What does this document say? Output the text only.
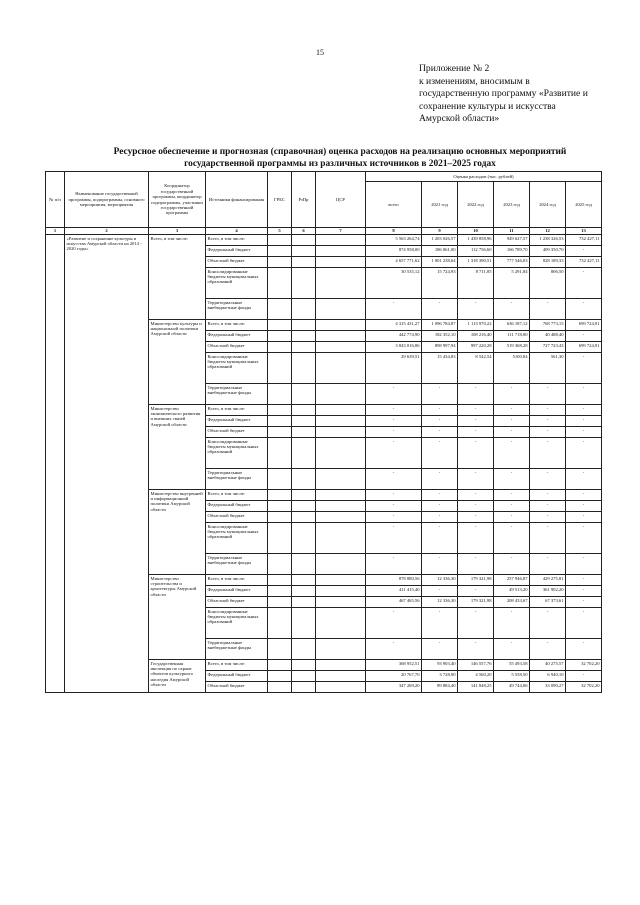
15
Приложение № 2
к изменениям, вносимым в
государственную программу «Развитие и
сохранение культуры и искусства
Амурской области»
Ресурсное обеспечение и прогнозная (справочная) оценка расходов на реализацию основных мероприятий
государственной программы из различных источников в 2021–2025 годах
№ п/п	Наименование государственной программы, подпрограммы, основного мероприятия, мероприятия	Координатор государственной программы, координатор подпрограммы, участники государственной программы	Источники финансирования	ГРБС	РзПр	ЦСР	Оценка расходов (тыс. рублей)					
							всего	2021 год	2022 год	2023 год	2024 год	2025 год
1	2	3	4	5	6	7	8	9	10	11	12	13
	«Развитие и сохранение культуры и искусства Амурской области на 2014 - 2020 годы»	Всего, в том числе:	Всего, в том числе:				5 563 264,74	1 203 026,57	1 439 858,96	949 627,57	1 238 326,53	732 427,11
			Федеральный бюджет				874 958,00	186 061,00	112 756,60	166 789,70	409 350,70	-
			Областной бюджет				4 657 771,62	1 001 238,64	1 318 390,51	777 546,03	828 189,33	732 427,11
			Консолидированные бюджеты муниципальных образований				30 535,12	15 724,93	8 711,85	5 291,84	806,50	-
			Территориальные внебюджетные фонды				-	-	-	-	-	-
		Министерство культуры и национальной политики Амурской области	Всего, в том числе:				4 315 431,27	1 096 784,87	1 113 970,22	636 187,12	768 773,15	699 724,91
			Федеральный бюджет				442 774,90	182 352,10	108 216,40	111 718,00	40 488,40	-
			Областной бюджет				3 843 016,86	898 997,94	997 220,28	519 368,28	727 723,43	699 724,91
			Консолидированные бюджеты муниципальных образований				29 639,51	15 434,83	8 542,54	5100,84	561,30	-
			Территориальные внебюджетные фонды				-	-	-	-	-	-
		Министерство экономического развития и внешних связей Амурской области	Всего, в том числе:				-	-	-	-	-	-
			Федеральный бюджет				-	-	-	-	-	-
			Областной бюджет				-	-	-	-	-	-
			Консолидированные бюджеты муниципальных образований				-	-	-	-	-	-
			Территориальные внебюджетные фонды				-	-	-	-	-	-
		Министерство внутренней и информационной политики Амурской области	Всего, в том числе:				-	-	-	-	-	-
			Федеральный бюджет				-	-	-	-	-	-
			Областной бюджет				-	-	-	-	-	-
			Консолидированные бюджеты муниципальных образований				-	-	-	-	-	-
			Территориальные внебюджетные фонды				-	-	-	-	-	-
		Министерство строительства и архитектуры Амурской области	Всего, в том числе:				878 880,56	12 336,30	179 321,98	257 946,87	429 275,81	-
			Федеральный бюджет				411 415,40	-	-	49 513,20	361 902,20	-
			Областной бюджет				467 465,56	12 336,30	179 321,98	208 433,67	67 373,61	-
			Консолидированные бюджеты муниципальных образований				-	-	-	-	-	-
			Территориальные внебюджетные фонды				-	-	-	-	-	-
		Государственная инспекция по охране объектов культурного наследия Амурской области	Всего, в том числе:				368 952,51	93 903,40	146 557,76	55 493,58	40 275,57	32 702,20
			Федеральный бюджет				20 767,70	3 728,90	4 560,20	5 558,50	6 940,10	-
			Областной бюджет				347 269,20	89 884,40	141 848,25	49 744,06	33 090,27	32 702,20
